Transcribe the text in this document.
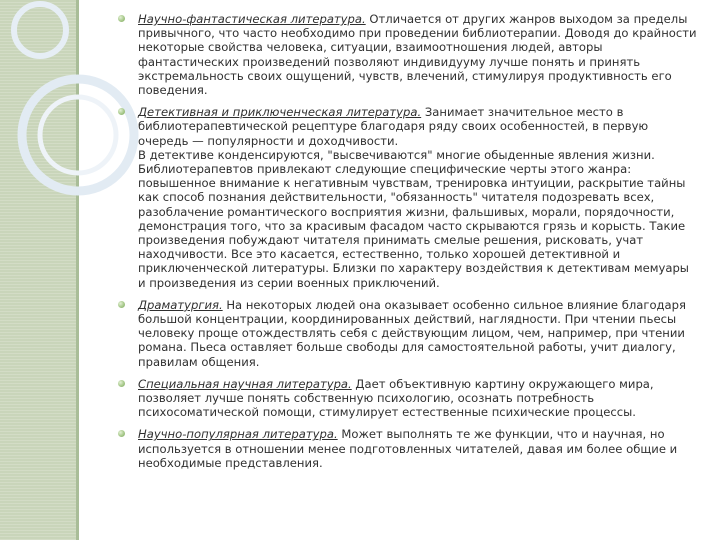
Научно-фантастическая литература. Отличается от других жанров выходом за пределы привычного, что часто необходимо при проведении библиотерапии. Доводя до крайности некоторые свойства человека, ситуации, взаимоотношения людей, авторы фантастических произведений позволяют индивидууму лучше понять и принять экстремальность своих ощущений, чувств, влечений, стимулируя продуктивность его поведения.
Детективная и приключенческая литература. Занимает значительное место в библиотерапевтической рецептуре благодаря ряду своих особенностей, в первую очередь — популярности и доходчивости.
В детективе конденсируются, "высвечиваются" многие обыденные явления жизни. Библиотерапевтов привлекают следующие специфические черты этого жанра: повышенное внимание к негативным чувствам, тренировка интуиции, раскрытие тайны как способ познания действительности, "обязанность" читателя подозревать всех, разоблачение романтического восприятия жизни, фальшивых, морали, порядочности, демонстрация того, что за красивым фасадом часто скрываются грязь и корысть. Такие произведения побуждают читателя принимать смелые решения, рисковать, учат находчивости. Все это касается, естественно, только хорошей детективной и приключенческой литературы. Близки по характеру воздействия к детективам мемуары и произведения из серии военных приключений.
Драматургия. На некоторых людей она оказывает особенно сильное влияние благодаря большой концентрации, координированных действий, наглядности. При чтении пьесы человеку проще отождествлять себя с действующим лицом, чем, например, при чтении романа. Пьеса оставляет больше свободы для самостоятельной работы, учит диалогу, правилам общения.
Специальная научная литература. Дает объективную картину окружающего мира, позволяет лучше понять собственную психологию, осознать потребность психосоматической помощи, стимулирует естественные психические процессы.
Научно-популярная литература. Может выполнять те же функции, что и научная, но используется в отношении менее подготовленных читателей, давая им более общие и необходимые представления.
